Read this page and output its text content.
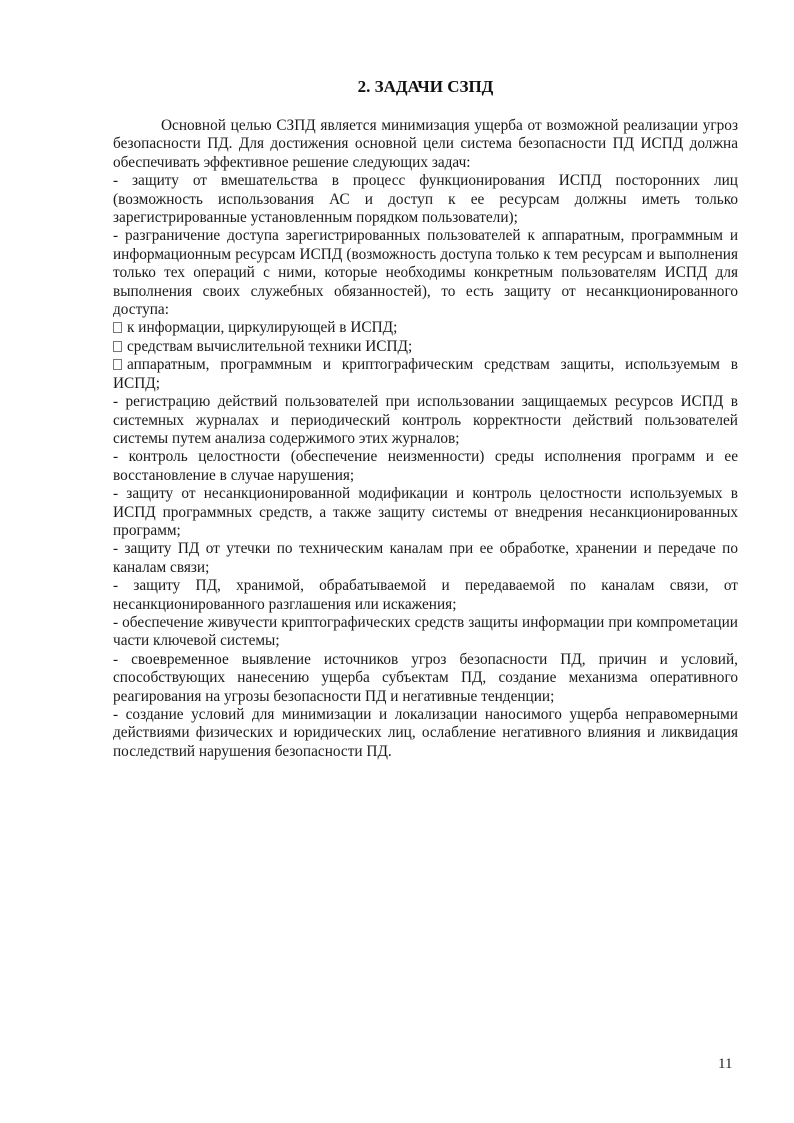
2. ЗАДАЧИ СЗПД

Основной целью СЗПД является минимизация ущерба от возможной реализации угроз безопасности ПД. Для достижения основной цели система безопасности ПД ИСПД должна обеспечивать эффективное решение следующих задач:

- защиту от вмешательства в процесс функционирования ИСПД посторонних лиц (возможность использования АС и доступ к ее ресурсам должны иметь только зарегистрированные установленным порядком пользователи);

- разграничение доступа зарегистрированных пользователей к аппаратным, программным и информационным ресурсам ИСПД (возможность доступа только к тем ресурсам и выполнения только тех операций с ними, которые необходимы конкретным пользователям ИСПД для выполнения своих служебных обязанностей), то есть защиту от несанкционированного доступа:

к информации, циркулирующей в ИСПД;

средствам вычислительной техники ИСПД;

аппаратным, программным и криптографическим средствам защиты, используемым в ИСПД;

- регистрацию действий пользователей при использовании защищаемых ресурсов ИСПД в системных журналах и периодический контроль корректности действий пользователей системы путем анализа содержимого этих журналов;

- контроль целостности (обеспечение неизменности) среды исполнения программ и ее восстановление в случае нарушения;

- защиту от несанкционированной модификации и контроль целостности используемых в ИСПД программных средств, а также защиту системы от внедрения несанкционированных программ;

- защиту ПД от утечки по техническим каналам при ее обработке, хранении и передаче по каналам связи;

- защиту ПД, хранимой, обрабатываемой и передаваемой по каналам связи, от несанкционированного разглашения или искажения;

- обеспечение живучести криптографических средств защиты информации при компрометации части ключевой системы;

- своевременное выявление источников угроз безопасности ПД, причин и условий, способствующих нанесению ущерба субъектам ПД, создание механизма оперативного реагирования на угрозы безопасности ПД и негативные тенденции;

- создание условий для минимизации и локализации наносимого ущерба неправомерными действиями физических и юридических лиц, ослабление негативного влияния и ликвидация последствий нарушения безопасности ПД.

11
